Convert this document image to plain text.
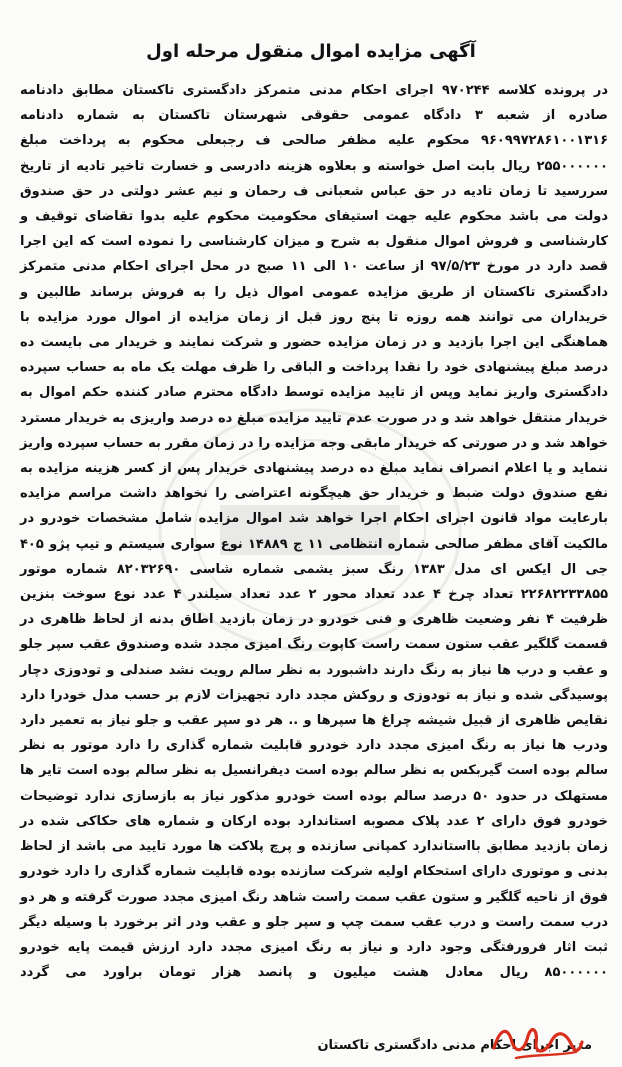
آگهی مزایده اموال منقول مرحله اول

در پرونده کلاسه ۹۷۰۲۴۴ اجرای احکام مدنی متمرکز دادگستری تاکستان مطابق دادنامه صادره از شعبه ۳ دادگاه عمومی حقوقی شهرستان تاکستان به شماره دادنامه ۹۶۰۹۹۷۲۸۶۱۰۰۱۳۱۶ محکوم علیه مظفر صالحی ف رجبعلی محکوم به پرداخت مبلغ ۲۵۵۰۰۰۰۰۰ ریال بابت اصل خواسته و بعلاوه هزینه دادرسی و خسارت تاخیر تادیه از تاریخ سررسید تا زمان تادیه در حق عباس شعبانی ف رحمان و نیم عشر دولتی در حق صندوق دولت می باشد محکوم علیه جهت استیفای محکومیت محکوم علیه بدوا تقاضای توقیف و کارشناسی و فروش اموال منقول به شرح و میزان کارشناسی را نموده است که این اجرا قصد دارد در مورخ ۹۷/۵/۲۳ از ساعت ۱۰ الی ۱۱ صبح در محل اجرای احکام مدنی متمرکز دادگستری تاکستان از طریق مزایده عمومی اموال ذیل را به فروش برساند طالبین و خریداران می توانند همه روزه تا پنج روز قبل از زمان مزایده از اموال مورد مزایده با هماهنگی این اجرا بازدید و در زمان مزایده حضور و شرکت نمایند و خریدار می بایست ده درصد مبلغ پیشنهادی خود را نقدا پرداخت و الباقی را ظرف مهلت یک ماه به حساب سپرده دادگستری واریز نماید وپس از تایید مزایده توسط دادگاه محترم صادر کننده حکم اموال به خریدار منتقل خواهد شد و در صورت عدم تایید مزایده مبلغ ده درصد واریزی به خریدار مسترد خواهد شد و در صورتی که خریدار مابقی وجه مزایده را در زمان مقرر به حساب سپرده واریز ننماید و یا اعلام انصراف نماید مبلغ ده درصد پیشنهادی خریدار پس از کسر هزینه مزایده به نفع صندوق دولت ضبط و خریدار حق هیچگونه اعتراضی را نخواهد داشت مراسم مزایده بارعایت مواد قانون اجرای احکام اجرا خواهد شد اموال مزایده شامل مشخصات خودرو در مالکیت آقای مظفر صالحی شماره انتظامی ۱۱ ج ۱۴۸۸۹ نوع سواری سیستم و تیپ پژو ۴۰۵ جی ال ایکس ای مدل ۱۳۸۳ رنگ سبز یشمی شماره شاسی ۸۲۰۳۲۶۹۰ شماره موتور ۲۲۶۸۲۲۳۳۸۵۵ تعداد چرخ ۴ عدد تعداد محور ۲ عدد تعداد سیلندر ۴ عدد نوع سوخت بنزین ظرفیت ۴ نفر وضعیت ظاهری و فنی خودرو در زمان بازدید اطاق بدنه از لحاظ ظاهری در قسمت گلگیر عقب ستون سمت راست کاپوت رنگ امیزی مجدد شده وصندوق عقب سپر جلو و عقب و درب ها نیاز به رنگ دارند داشبورد به نظر سالم رویت نشد صندلی و تودوزی دچار پوسیدگی شده و نیاز به تودوزی و روکش مجدد دارد تجهیزات لازم بر حسب مدل خودرا دارد نقایص ظاهری از قبیل شیشه چراغ ها سپرها و .. هر دو سپر عقب و جلو نیاز به تعمیر دارد ودرب ها نیاز به رنگ امیزی مجدد دارد خودرو قابلیت شماره گذاری را دارد موتور به نظر سالم بوده است گیربکس به نظر سالم بوده است دیفرانسیل به نظر سالم بوده است تایر ها مستهلک در حدود ۵۰ درصد سالم بوده است خودرو مذکور نیاز به بازسازی ندارد توضیحات خودرو فوق دارای ۲ عدد پلاک مصوبه استاندارد بوده ارکان و شماره های حکاکی شده در زمان بازدید مطابق بااستاندارد کمپانی سازنده و پرچ پلاکت ها مورد تایید می باشد از لحاظ بدنی و موتوری دارای استحکام اولیه شرکت سازنده بوده قابلیت شماره گذاری را دارد خودرو فوق از ناحیه گلگیر و ستون عقب سمت راست شاهد رنگ امیزی مجدد صورت گرفته و هر دو درب سمت راست و درب عقب سمت چپ و سپر جلو و عقب ودر اثر برخورد با وسیله دیگر ثبت اثار فرورفتگی وجود دارد و نیاز به رنگ امیزی مجدد دارد ارزش قیمت پایه خودرو ۸۵۰۰۰۰۰۰ ریال معادل هشت میلیون و پانصد هزار تومان براورد می گردد

مدیر اجرای احکام مدنی دادگستری تاکستان
